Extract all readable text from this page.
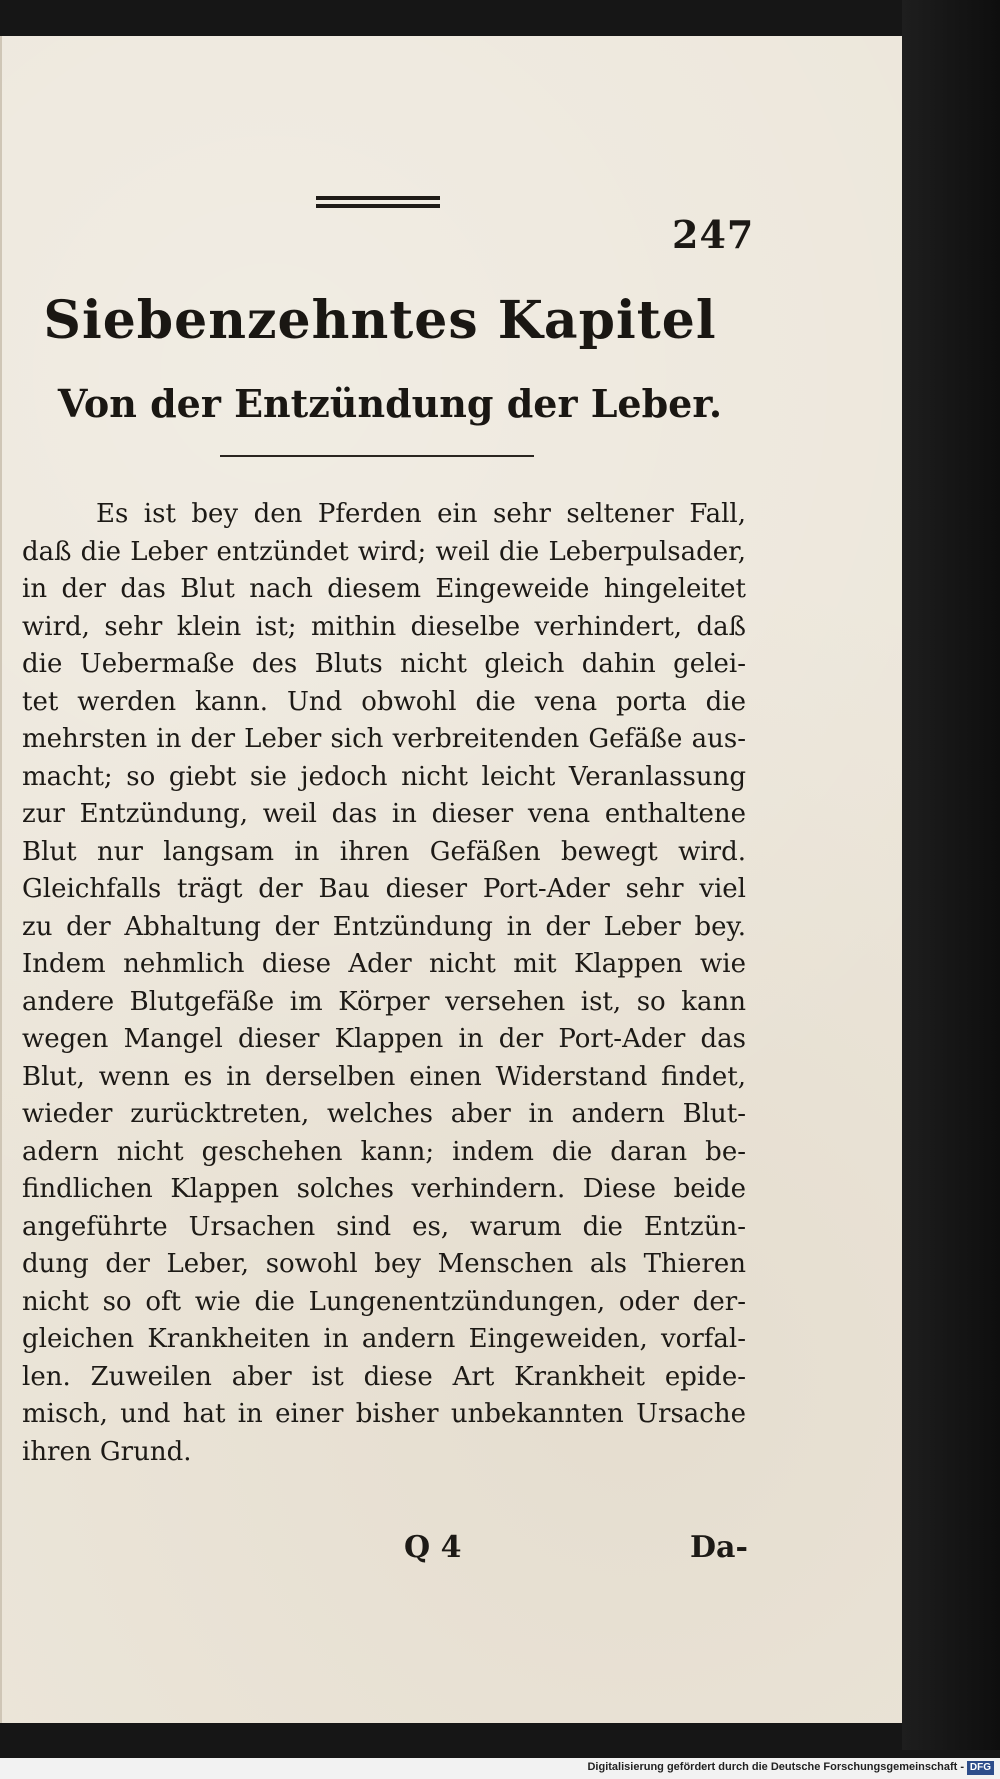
247
Siebenzehntes Kapitel
Von der Entzündung der Leber.
Es ist bey den Pferden ein sehr seltener Fall,
daß die Leber entzündet wird; weil die Leberpulsader,
in der das Blut nach diesem Eingeweide hingeleitet
wird, sehr klein ist; mithin dieselbe verhindert, daß
die Uebermaße des Bluts nicht gleich dahin gelei-
tet werden kann. Und obwohl die vena porta die
mehrsten in der Leber sich verbreitenden Gefäße aus-
macht; so giebt sie jedoch nicht leicht Veranlassung
zur Entzündung, weil das in dieser vena enthaltene
Blut nur langsam in ihren Gefäßen bewegt wird.
Gleichfalls trägt der Bau dieser Port-Ader sehr viel
zu der Abhaltung der Entzündung in der Leber bey.
Indem nehmlich diese Ader nicht mit Klappen wie
andere Blutgefäße im Körper versehen ist, so kann
wegen Mangel dieser Klappen in der Port-Ader das
Blut, wenn es in derselben einen Widerstand findet,
wieder zurücktreten, welches aber in andern Blut-
adern nicht geschehen kann; indem die daran be-
findlichen Klappen solches verhindern. Diese beide
angeführte Ursachen sind es, warum die Entzün-
dung der Leber, sowohl bey Menschen als Thieren
nicht so oft wie die Lungenentzündungen, oder der-
gleichen Krankheiten in andern Eingeweiden, vorfal-
len. Zuweilen aber ist diese Art Krankheit epide-
misch, und hat in einer bisher unbekannten Ursache
ihren Grund.
Q 4	Da-
Digitalisierung gefördert durch die Deutsche Forschungsgemeinschaft - DFG
